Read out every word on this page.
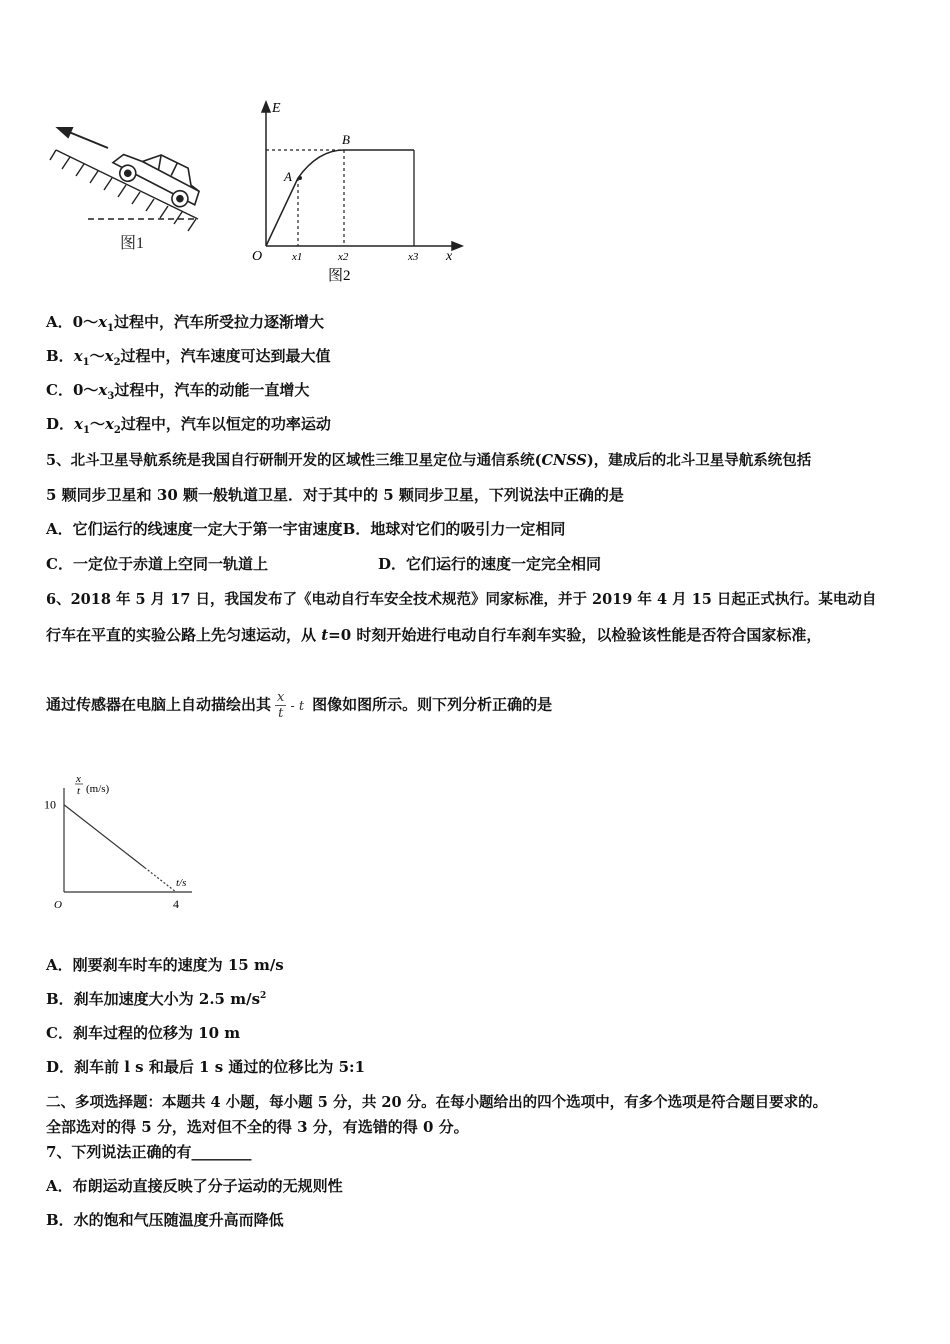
图1
E
x
O
A
B
x1	x2	x3
图2
A．$0\sim x_1$过程中，汽车所受拉力逐渐增大
B．$x_1\sim x_2$过程中，汽车速度可达到最大值
C．$0\sim x_3$过程中，汽车的动能一直增大
D．$x_1\sim x_2$过程中，汽车以恒定的功率运动
5、北斗卫星导航系统是我国自行研制开发的区域性三维卫星定位与通信系统(CNSS)，建成后的北斗卫星导航系统包括
5 颗同步卫星和 30 颗一般轨道卫星．对于其中的 5 颗同步卫星，下列说法中正确的是
A．它们运行的线速度一定大于第一宇宙速度B．地球对它们的吸引力一定相同
C．一定位于赤道上空同一轨道上	D．它们运行的速度一定完全相同
6、2018 年 5 月 17 日，我国发布了《电动自行车安全技术规范》同家标准，并于 2019 年 4 月 15 日起正式执行。某电动自
行车在平直的实验公路上先匀速运动，从 t=0 时刻开始进行电动自行车刹车实验，以检验该性能是否符合国家标准，
通过传感器在电脑上自动描绘出其 $\frac{x}{t}$ - t 图像如图所示。则下列分析正确的是
x
t (m/s)
t/s
O
10
4
A．刚要刹车时车的速度为 15 m/s
B．刹车加速度大小为 2.5 $m/s^2$
C．刹车过程的位移为 10 m
D．刹车前 l s 和最后 1 s 通过的位移比为 5:1
二、多项选择题：本题共 4 小题，每小题 5 分，共 20 分。在每小题给出的四个选项中，有多个选项是符合题目要求的。
全部选对的得 5 分，选对但不全的得 3 分，有选错的得 0 分。
7、下列说法正确的有________
A．布朗运动直接反映了分子运动的无规则性
B．水的饱和气压随温度升高而降低
